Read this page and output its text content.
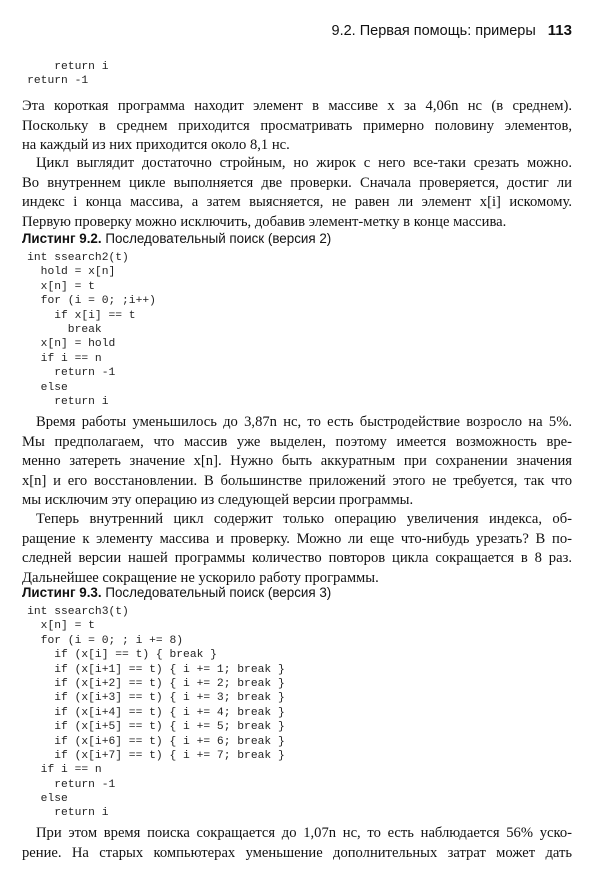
9.2. Первая помощь: примеры 113
return i
return -1
Эта короткая программа находит элемент в массиве x за 4,06n нс (в среднем).
Поскольку в среднем приходится просматривать примерно половину элементов,
на каждый из них приходится около 8,1 нс.
Цикл выглядит достаточно стройным, но жирок с него все-таки срезать можно.
Во внутреннем цикле выполняется две проверки. Сначала проверяется, достиг ли
индекс i конца массива, а затем выясняется, не равен ли элемент x[i] искомому.
Первую проверку можно исключить, добавив элемент-метку в конце массива.
Листинг 9.2. Последовательный поиск (версия 2)
int ssearch2(t)
hold = x[n]
x[n] = t
for (i = 0; ;i++)
if x[i] == t
break
x[n] = hold
if i == n
return -1
else
return i
Время работы уменьшилось до 3,87n нс, то есть быстродействие возросло на 5%.
Мы предполагаем, что массив уже выделен, поэтому имеется возможность вре-
менно затереть значение x[n]. Нужно быть аккуратным при сохранении значения
x[n] и его восстановлении. В большинстве приложений этого не требуется, так что
мы исключим эту операцию из следующей версии программы.
Теперь внутренний цикл содержит только операцию увеличения индекса, об-
ращение к элементу массива и проверку. Можно ли еще что-нибудь урезать? В по-
следней версии нашей программы количество повторов цикла сокращается в 8 раз.
Дальнейшее сокращение не ускорило работу программы.
Листинг 9.3. Последовательный поиск (версия 3)
int ssearch3(t)
x[n] = t
for (i = 0; ; i += 8)
if (x[i] == t) { break }
if (x[i+1] == t) { i += 1; break }
if (x[i+2] == t) { i += 2; break }
if (x[i+3] == t) { i += 3; break }
if (x[i+4] == t) { i += 4; break }
if (x[i+5] == t) { i += 5; break }
if (x[i+6] == t) { i += 6; break }
if (x[i+7] == t) { i += 7; break }
if i == n
return -1
else
return i
При этом время поиска сокращается до 1,07n нс, то есть наблюдается 56% уско-
рение. На старых компьютерах уменьшение дополнительных затрат может дать
